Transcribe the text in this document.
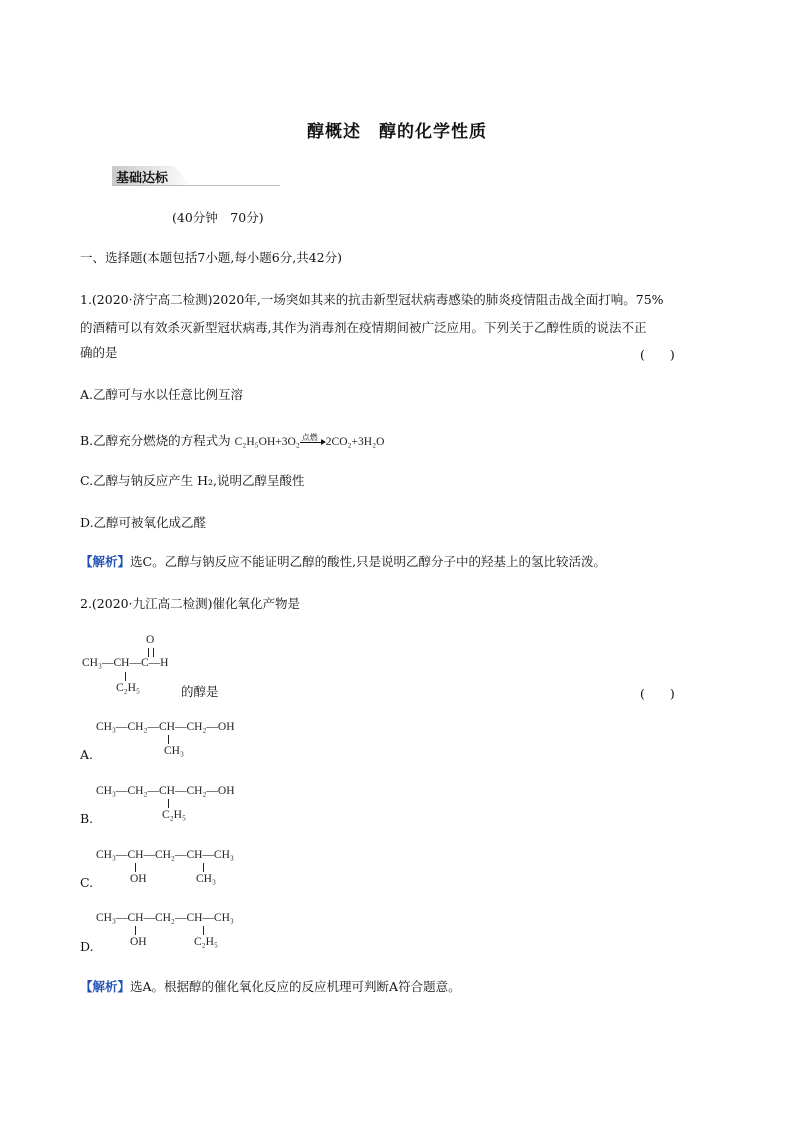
醇概述 醇的化学性质
基础达标
(40分钟　70分)
一、选择题(本题包括7小题,每小题6分,共42分)
1.(2020·济宁高二检测)2020年,一场突如其来的抗击新型冠状病毒感染的肺炎疫情阻击战全面打响。75%
的酒精可以有效杀灭新型冠状病毒,其作为消毒剂在疫情期间被广泛应用。下列关于乙醇性质的说法不正
确的是	(　　)
A.乙醇可与水以任意比例互溶
B.乙醇充分燃烧的方程式为 C₂H₅OH+3O₂ 点燃 2CO₂+3H₂O
C.乙醇与钠反应产生 H₂,说明乙醇呈酸性
D.乙醇可被氧化成乙醛
【解析】选C。乙醇与钠反应不能证明乙醇的酸性,只是说明乙醇分子中的羟基上的氢比较活泼。
2.(2020·九江高二检测)催化氧化产物是
O
CH₃—CH—C—H
C₂H₅	的醇是	(　　)
CH₃—CH₂—CH—CH₂—OH
A.	CH₃
CH₃—CH₂—CH—CH₂—OH
B.	C₂H₅
CH₃—CH—CH₂—CH—CH₃
C.	OH	CH₃
CH₃—CH—CH₂—CH—CH₃
D.	OH	C₂H₅
【解析】选A。根据醇的催化氧化反应的反应机理可判断A符合题意。
